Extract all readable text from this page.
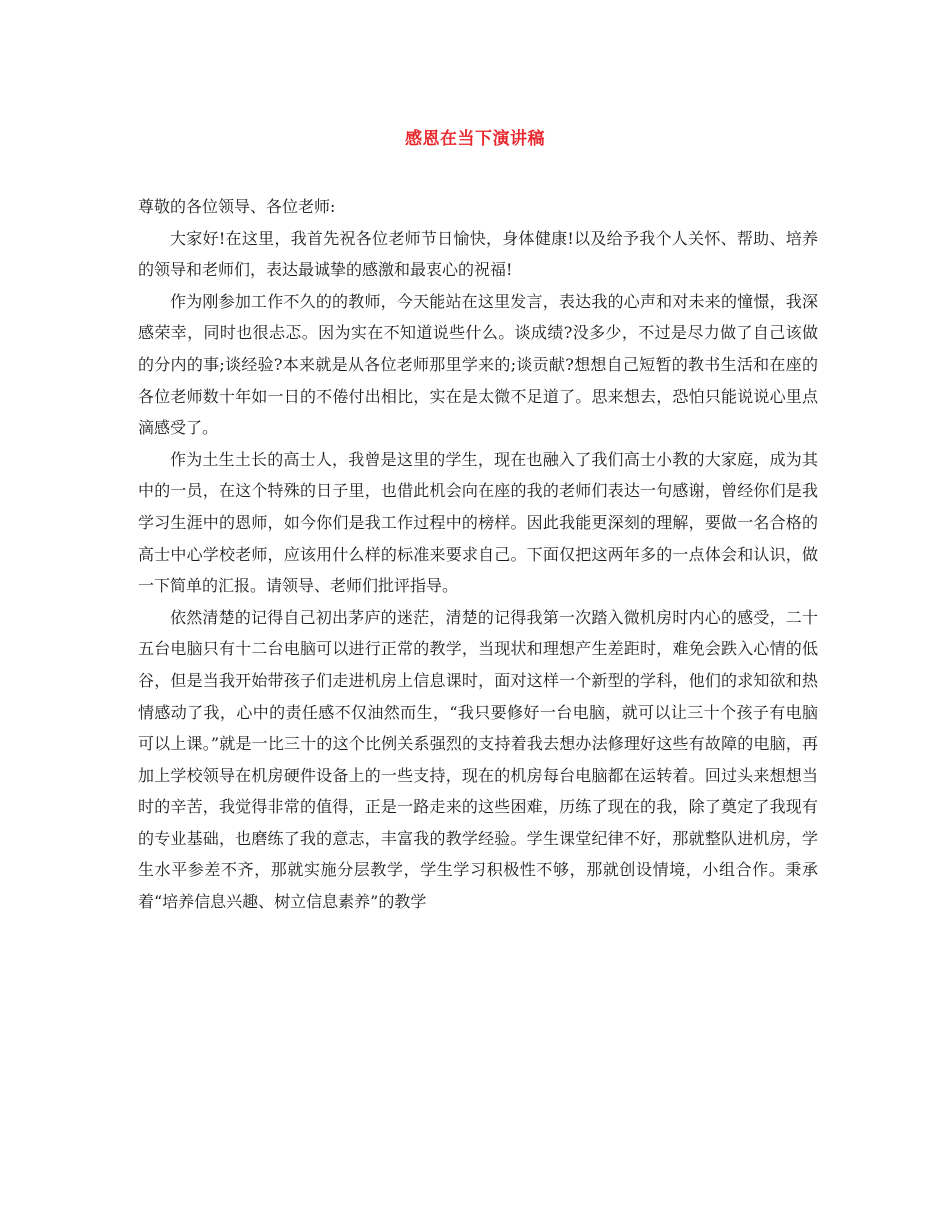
感恩在当下演讲稿

尊敬的各位领导、各位老师:

大家好!在这里，我首先祝各位老师节日愉快，身体健康!以及给予我个人关怀、帮助、培养的领导和老师们，表达最诚挚的感激和最衷心的祝福!

作为刚参加工作不久的的教师，今天能站在这里发言，表达我的心声和对未来的憧憬，我深感荣幸，同时也很忐忑。因为实在不知道说些什么。谈成绩?没多少，不过是尽力做了自己该做的分内的事;谈经验?本来就是从各位老师那里学来的;谈贡献?想想自己短暂的教书生活和在座的各位老师数十年如一日的不倦付出相比，实在是太微不足道了。思来想去，恐怕只能说说心里点滴感受了。

作为土生土长的高士人，我曾是这里的学生，现在也融入了我们高士小教的大家庭，成为其中的一员，在这个特殊的日子里，也借此机会向在座的我的老师们表达一句感谢，曾经你们是我学习生涯中的恩师，如今你们是我工作过程中的榜样。因此我能更深刻的理解，要做一名合格的高士中心学校老师，应该用什么样的标准来要求自己。下面仅把这两年多的一点体会和认识，做一下简单的汇报。请领导、老师们批评指导。

依然清楚的记得自己初出茅庐的迷茫，清楚的记得我第一次踏入微机房时内心的感受，二十五台电脑只有十二台电脑可以进行正常的教学，当现状和理想产生差距时，难免会跌入心情的低谷，但是当我开始带孩子们走进机房上信息课时，面对这样一个新型的学科，他们的求知欲和热情感动了我，心中的责任感不仅油然而生，“我只要修好一台电脑，就可以让三十个孩子有电脑可以上课。”就是一比三十的这个比例关系强烈的支持着我去想办法修理好这些有故障的电脑，再加上学校领导在机房硬件设备上的一些支持，现在的机房每台电脑都在运转着。回过头来想想当时的辛苦，我觉得非常的值得，正是一路走来的这些困难，历练了现在的我，除了奠定了我现有的专业基础，也磨练了我的意志，丰富我的教学经验。学生课堂纪律不好，那就整队进机房，学生水平参差不齐，那就实施分层教学，学生学习积极性不够，那就创设情境，小组合作。秉承着“培养信息兴趣、树立信息素养”的教学
